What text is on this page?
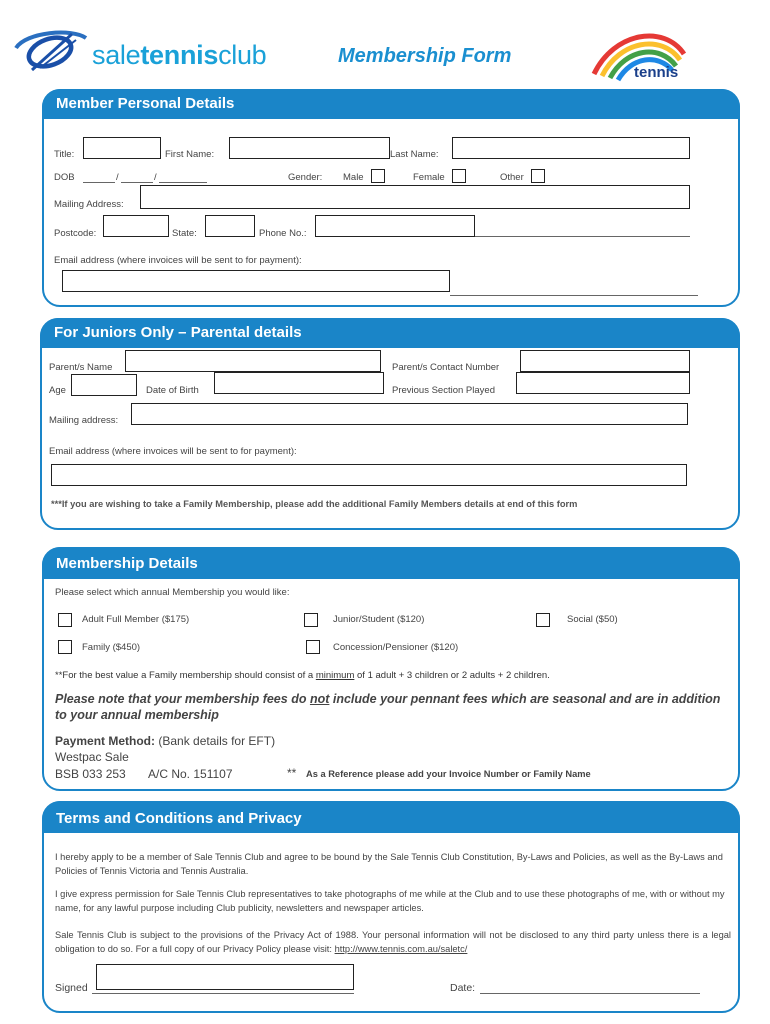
saletennisclub	Membership Form
tennis
Member Personal Details
Title:	First Name:	Last Name:
DOB	/	/	Gender: Male	Female	Other
Mailing Address:
Postcode:	State:	Phone No.:
Email address (where invoices will be sent to for payment):
For Juniors Only – Parental details
Parent/s Name	Parent/s Contact Number
Age	Date of Birth	Previous Section Played
Mailing address:
Email address (where invoices will be sent to for payment):
***If you are wishing to take a Family Membership, please add the additional Family Members details at end of this form
Membership Details
Please select which annual Membership you would like:
Adult Full Member ($175)	Junior/Student ($120)	Social ($50)
Family ($450)	Concession/Pensioner ($120)
**For the best value a Family membership should consist of a minimum of 1 adult + 3 children or 2 adults + 2 children.
Please note that your membership fees do not include your pennant fees which are seasonal and are in addition to your annual membership
Payment Method: (Bank details for EFT)
Westpac Sale
BSB 033 253 A/C No. 151107	** As a Reference please add your Invoice Number or Family Name
Terms and Conditions and Privacy
I hereby apply to be a member of Sale Tennis Club and agree to be bound by the Sale Tennis Club Constitution, By-Laws and Policies, as well as the By-Laws and Policies of Tennis Victoria and Tennis Australia.
I give express permission for Sale Tennis Club representatives to take photographs of me while at the Club and to use these photographs of me, with or without my name, for any lawful purpose including Club publicity, newsletters and newspaper articles.
Sale Tennis Club is subject to the provisions of the Privacy Act of 1988. Your personal information will not be disclosed to any third party unless there is a legal obligation to do so. For a full copy of our Privacy Policy please visit: http://www.tennis.com.au/saletc/
Signed	Date:
